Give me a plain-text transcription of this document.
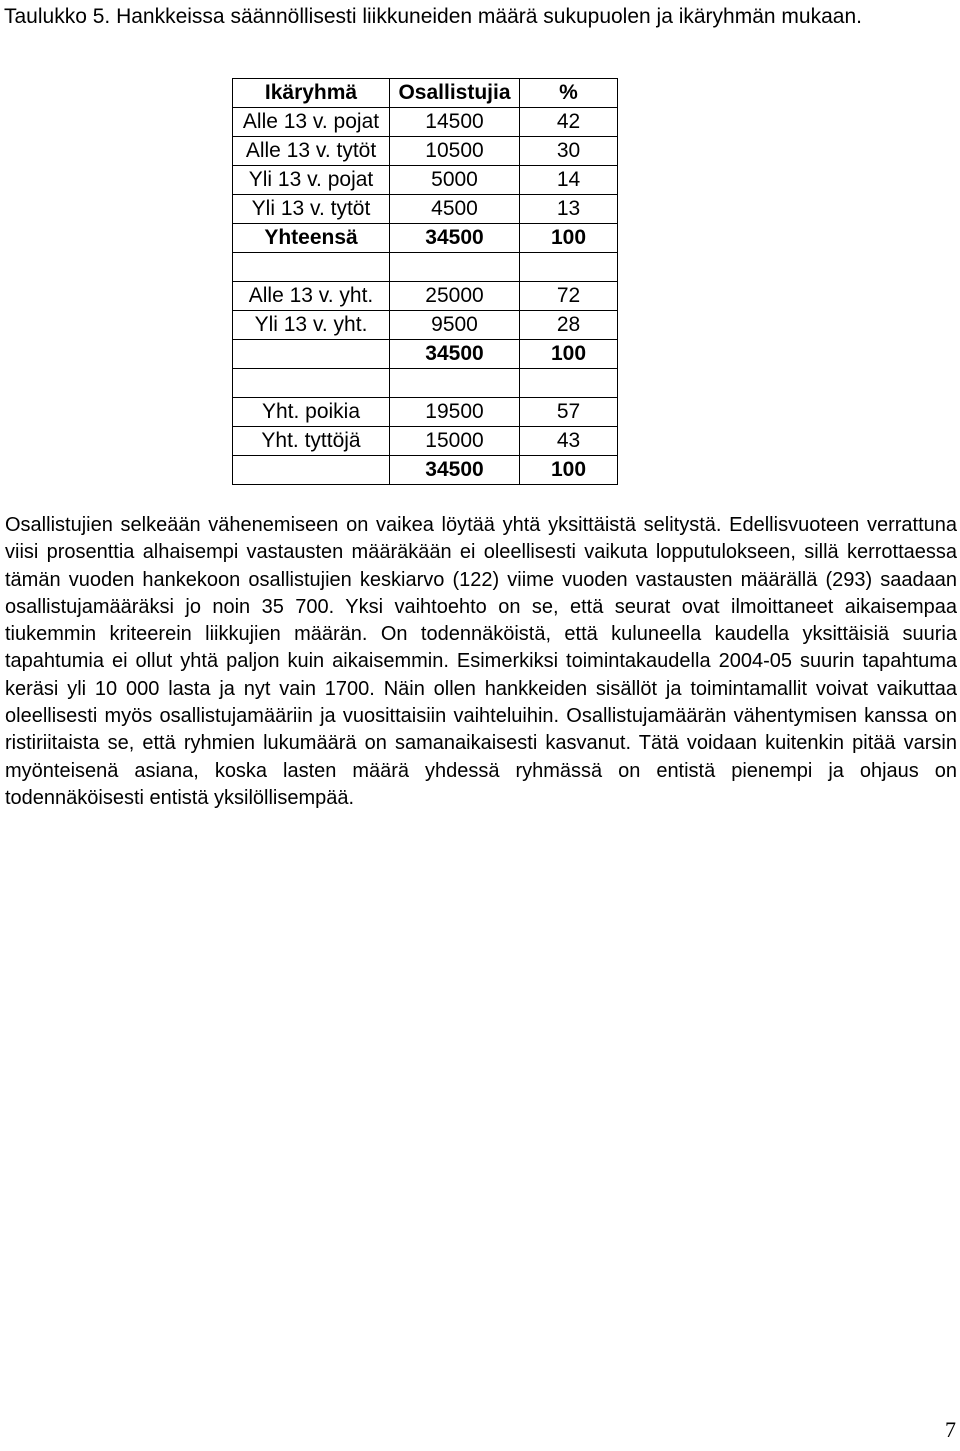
Taulukko 5. Hankkeissa säännöllisesti liikkuneiden määrä sukupuolen ja ikäryhmän mukaan.

Ikäryhmä	Osallistujia	%
Alle 13 v. pojat	14500	42
Alle 13 v. tytöt	10500	30
Yli 13 v. pojat	5000	14
Yli 13 v. tytöt	4500	13
Yhteensä	34500	100

Alle 13 v. yht.	25000	72
Yli 13 v. yht.	9500	28
	34500	100

Yht. poikia	19500	57
Yht. tyttöjä	15000	43
	34500	100

Osallistujien selkeään vähenemiseen on vaikea löytää yhtä yksittäistä selitystä. Edellisvuoteen verrattuna viisi prosenttia alhaisempi vastausten määräkään ei oleellisesti vaikuta lopputulokseen, sillä kerrottaessa tämän vuoden hankekoon osallistujien keskiarvo (122) viime vuoden vastausten määrällä (293) saadaan osallistujamääräksi jo noin 35 700. Yksi vaihtoehto on se, että seurat ovat ilmoittaneet aikaisempaa tiukemmin kriteerein liikkujien määrän. On todennäköistä, että kuluneella kaudella yksittäisiä suuria tapahtumia ei ollut yhtä paljon kuin aikaisemmin. Esimerkiksi toimintakaudella 2004-05 suurin tapahtuma keräsi yli 10 000 lasta ja nyt vain 1700. Näin ollen hankkeiden sisällöt ja toimintamallit voivat vaikuttaa oleellisesti myös osallistujamääriin ja vuosittaisiin vaihteluihin. Osallistujamäärän vähentymisen kanssa on ristiriitaista se, että ryhmien lukumäärä on samanaikaisesti kasvanut. Tätä voidaan kuitenkin pitää varsin myönteisenä asiana, koska lasten määrä yhdessä ryhmässä on entistä pienempi ja ohjaus on todennäköisesti entistä yksilöllisempää.

7
